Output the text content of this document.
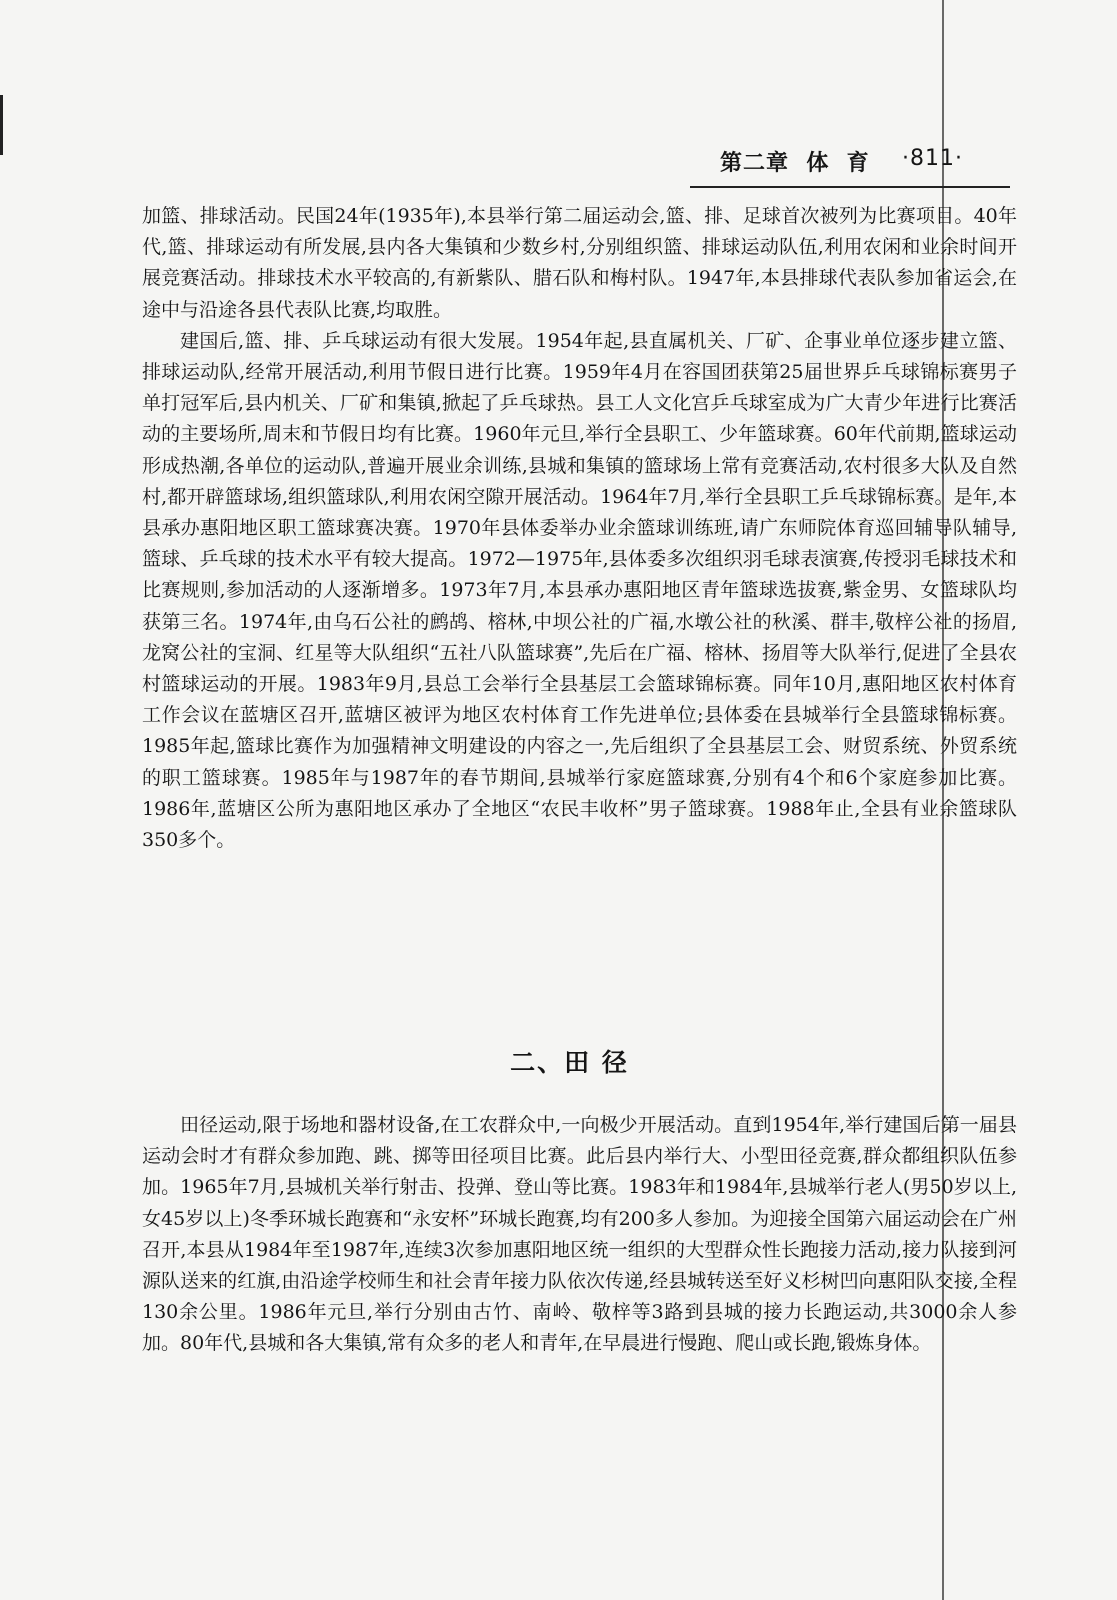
第二章  体  育 ·811·

加篮、排球活动。民国24年(1935年),本县举行第二届运动会,篮、排、足球首次被列为比赛项目。40年代,篮、排球运动有所发展,县内各大集镇和少数乡村,分别组织篮、排球运动队伍,利用农闲和业余时间开展竞赛活动。排球技术水平较高的,有新紫队、腊石队和梅村队。1947年,本县排球代表队参加省运会,在途中与沿途各县代表队比赛,均取胜。

建国后,篮、排、乒乓球运动有很大发展。1954年起,县直属机关、厂矿、企事业单位逐步建立篮、排球运动队,经常开展活动,利用节假日进行比赛。1959年4月在容国团获第25届世界乒乓球锦标赛男子单打冠军后,县内机关、厂矿和集镇,掀起了乒乓球热。县工人文化宫乒乓球室成为广大青少年进行比赛活动的主要场所,周末和节假日均有比赛。1960年元旦,举行全县职工、少年篮球赛。60年代前期,篮球运动形成热潮,各单位的运动队,普遍开展业余训练,县城和集镇的篮球场上常有竞赛活动,农村很多大队及自然村,都开辟篮球场,组织篮球队,利用农闲空隙开展活动。1964年7月,举行全县职工乒乓球锦标赛。是年,本县承办惠阳地区职工篮球赛决赛。1970年县体委举办业余篮球训练班,请广东师院体育巡回辅导队辅导,篮球、乒乓球的技术水平有较大提高。1972—1975年,县体委多次组织羽毛球表演赛,传授羽毛球技术和比赛规则,参加活动的人逐渐增多。1973年7月,本县承办惠阳地区青年篮球选拔赛,紫金男、女篮球队均获第三名。1974年,由乌石公社的鹧鸪、榕林,中坝公社的广福,水墩公社的秋溪、群丰,敬梓公社的扬眉,龙窝公社的宝洞、红星等大队组织“五社八队篮球赛”,先后在广福、榕林、扬眉等大队举行,促进了全县农村篮球运动的开展。1983年9月,县总工会举行全县基层工会篮球锦标赛。同年10月,惠阳地区农村体育工作会议在蓝塘区召开,蓝塘区被评为地区农村体育工作先进单位;县体委在县城举行全县篮球锦标赛。1985年起,篮球比赛作为加强精神文明建设的内容之一,先后组织了全县基层工会、财贸系统、外贸系统的职工篮球赛。1985年与1987年的春节期间,县城举行家庭篮球赛,分别有4个和6个家庭参加比赛。1986年,蓝塘区公所为惠阳地区承办了全地区“农民丰收杯”男子篮球赛。1988年止,全县有业余篮球队350多个。

二、田 径

田径运动,限于场地和器材设备,在工农群众中,一向极少开展活动。直到1954年,举行建国后第一届县运动会时才有群众参加跑、跳、掷等田径项目比赛。此后县内举行大、小型田径竞赛,群众都组织队伍参加。1965年7月,县城机关举行射击、投弹、登山等比赛。1983年和1984年,县城举行老人(男50岁以上,女45岁以上)冬季环城长跑赛和“永安杯”环城长跑赛,均有200多人参加。为迎接全国第六届运动会在广州召开,本县从1984年至1987年,连续3次参加惠阳地区统一组织的大型群众性长跑接力活动,接力队接到河源队送来的红旗,由沿途学校师生和社会青年接力队依次传递,经县城转送至好义杉树凹向惠阳队交接,全程130余公里。1986年元旦,举行分别由古竹、南岭、敬梓等3路到县城的接力长跑运动,共3000余人参加。80年代,县城和各大集镇,常有众多的老人和青年,在早晨进行慢跑、爬山或长跑,锻炼身体。
